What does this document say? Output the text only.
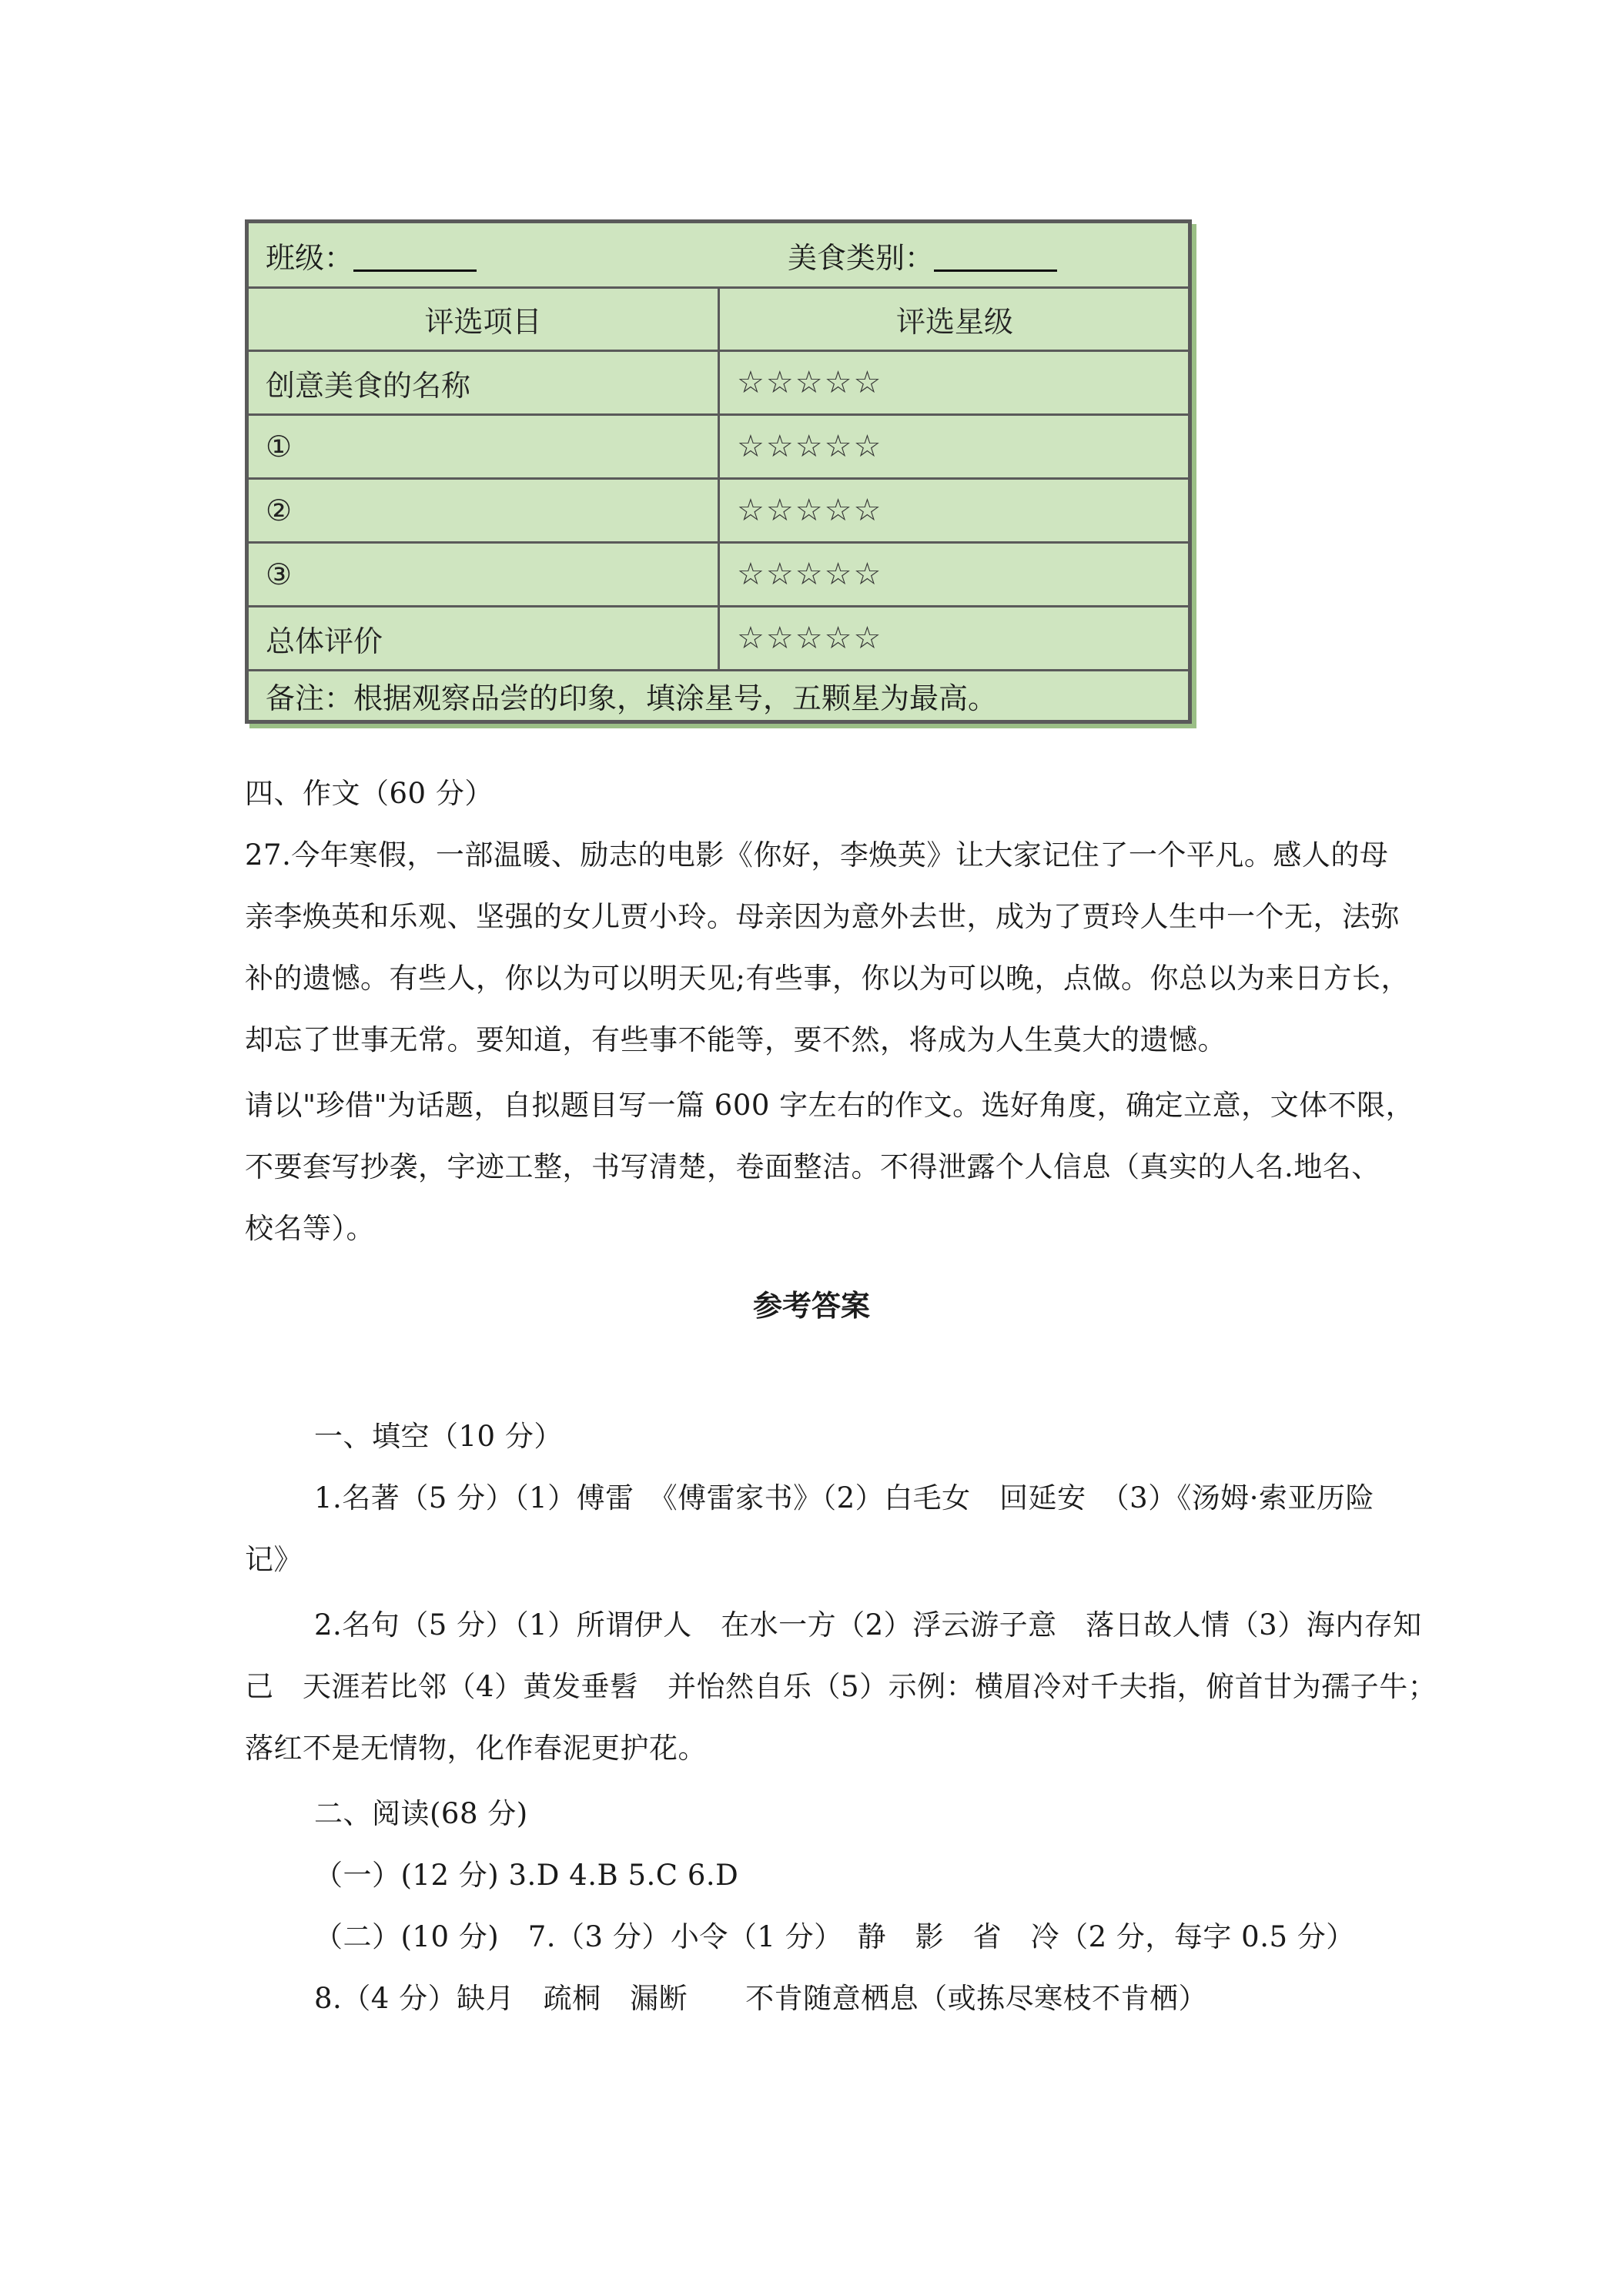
班级：	美食类别：
评选项目	评选星级
创意美食的名称	☆☆☆☆☆
①	☆☆☆☆☆
②	☆☆☆☆☆
③	☆☆☆☆☆
总体评价	☆☆☆☆☆
备注：根据观察品尝的印象，填涂星号，五颗星为最高。
四、作文（60 分）
27.今年寒假，一部温暖、励志的电影《你好，李焕英》让大家记住了一个平凡。感人的母
亲李焕英和乐观、坚强的女儿贾小玲。母亲因为意外去世，成为了贾玲人生中一个无，法弥
补的遗憾。有些人，你以为可以明天见;有些事，你以为可以晚，点做。你总以为来日方长，
却忘了世事无常。要知道，有些事不能等，要不然，将成为人生莫大的遗憾。
请以"珍借"为话题，自拟题目写一篇 600 字左右的作文。选好角度，确定立意，文体不限，
不要套写抄袭，字迹工整，书写清楚，卷面整洁。不得泄露个人信息（真实的人名.地名、
校名等）。
参考答案
一、填空（10 分）
1.名著（5 分）（1）傅雷　《傅雷家书》（2）白毛女　回延安　（3）《汤姆·索亚历险
记》
2.名句（5 分）（1）所谓伊人　在水一方（2）浮云游子意　落日故人情（3）海内存知
己　天涯若比邻（4）黄发垂髫　并怡然自乐（5）示例：横眉冷对千夫指，俯首甘为孺子牛；
落红不是无情物，化作春泥更护花。
二、阅读(68 分)
（一）(12 分) 3.D 4.B 5.C 6.D
（二）(10 分)　7.（3 分）小令（1 分）　静　影　省　冷（2 分，每字 0.5 分）
8.（4 分）缺月　疏桐　漏断　　不肯随意栖息（或拣尽寒枝不肯栖）
